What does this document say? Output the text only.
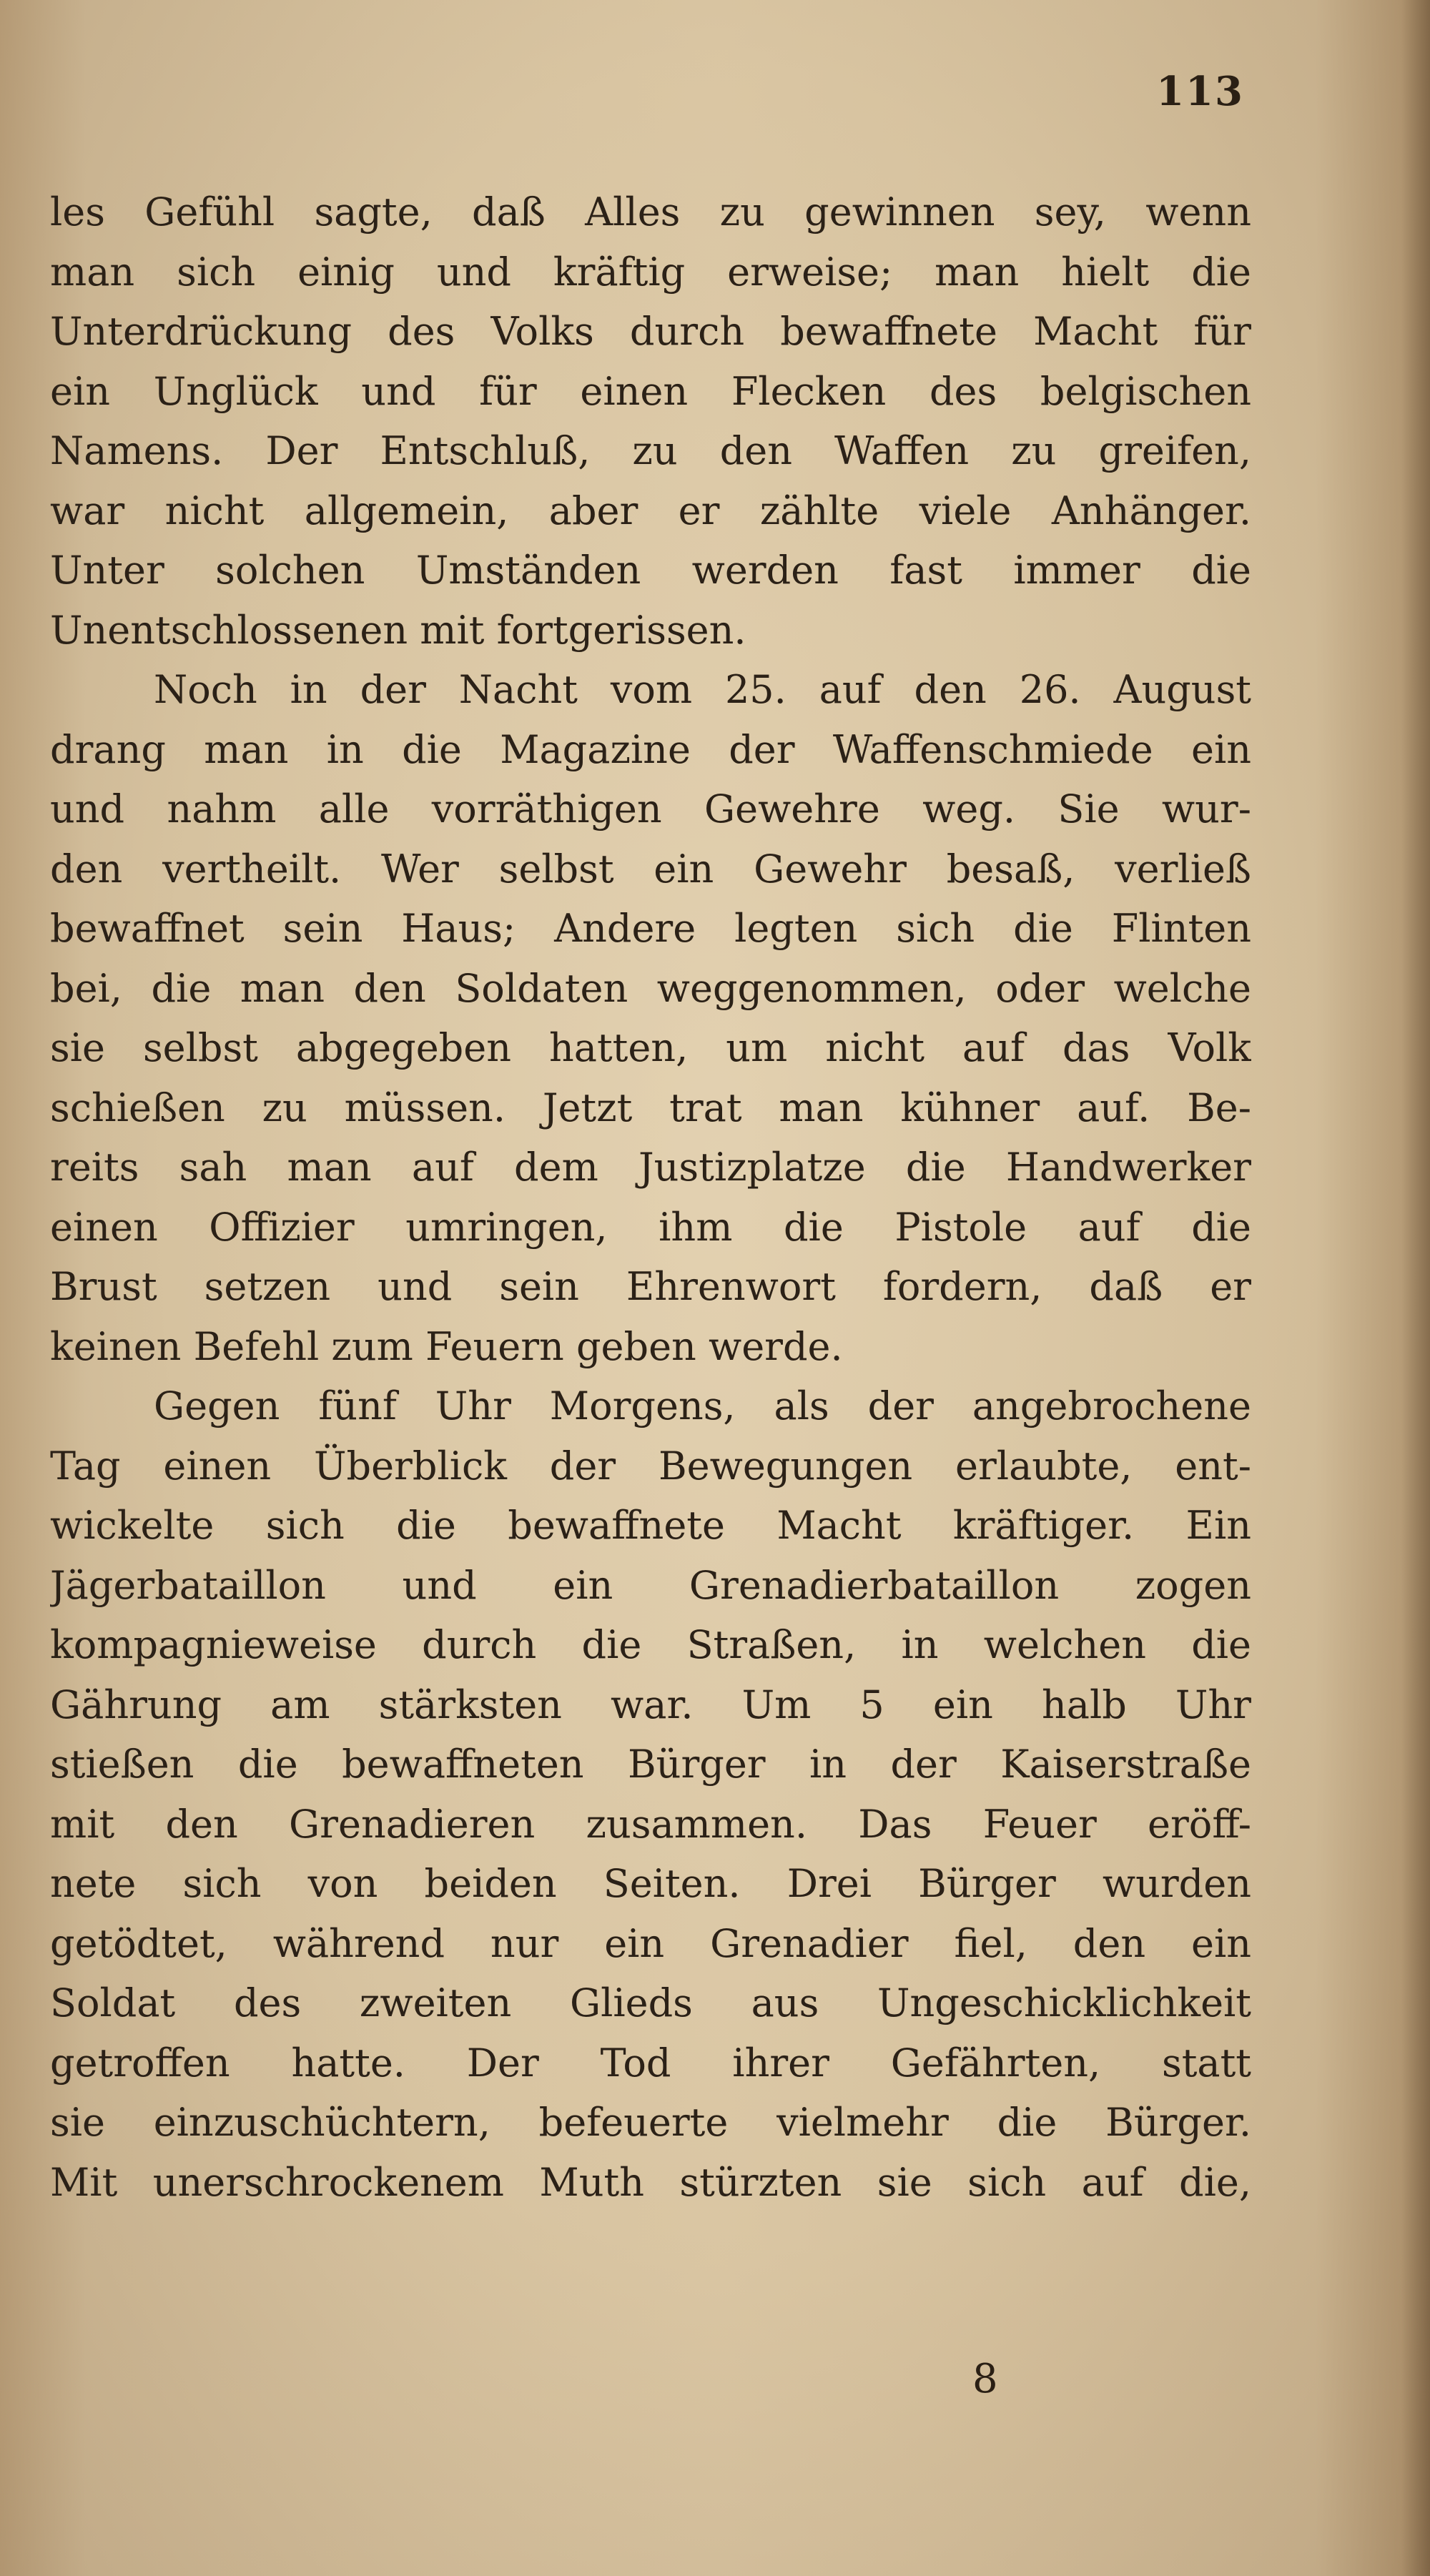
113
les Gefühl sagte, daß Alles zu gewinnen sey, wenn
man sich einig und kräftig erweise; man hielt die
Unterdrückung des Volks durch bewaffnete Macht für
ein Unglück und für einen Flecken des belgischen
Namens. Der Entschluß, zu den Waffen zu greifen,
war nicht allgemein, aber er zählte viele Anhänger.
Unter solchen Umständen werden fast immer die
Unentschlossenen mit fortgerissen.
Noch in der Nacht vom 25. auf den 26. August
drang man in die Magazine der Waffenschmiede ein
und nahm alle vorräthigen Gewehre weg. Sie wur-
den vertheilt. Wer selbst ein Gewehr besaß, verließ
bewaffnet sein Haus; Andere legten sich die Flinten
bei, die man den Soldaten weggenommen, oder welche
sie selbst abgegeben hatten, um nicht auf das Volk
schießen zu müssen. Jetzt trat man kühner auf. Be-
reits sah man auf dem Justizplatze die Handwerker
einen Offizier umringen, ihm die Pistole auf die
Brust setzen und sein Ehrenwort fordern, daß er
keinen Befehl zum Feuern geben werde.
Gegen fünf Uhr Morgens, als der angebrochene
Tag einen Überblick der Bewegungen erlaubte, ent-
wickelte sich die bewaffnete Macht kräftiger. Ein
Jägerbataillon und ein Grenadierbataillon zogen
kompagnieweise durch die Straßen, in welchen die
Gährung am stärksten war. Um 5 ein halb Uhr
stießen die bewaffneten Bürger in der Kaiserstraße
mit den Grenadieren zusammen. Das Feuer eröff-
nete sich von beiden Seiten. Drei Bürger wurden
getödtet, während nur ein Grenadier fiel, den ein
Soldat des zweiten Glieds aus Ungeschicklichkeit
getroffen hatte. Der Tod ihrer Gefährten, statt
sie einzuschüchtern, befeuerte vielmehr die Bürger.
Mit unerschrockenem Muth stürzten sie sich auf die,
8
